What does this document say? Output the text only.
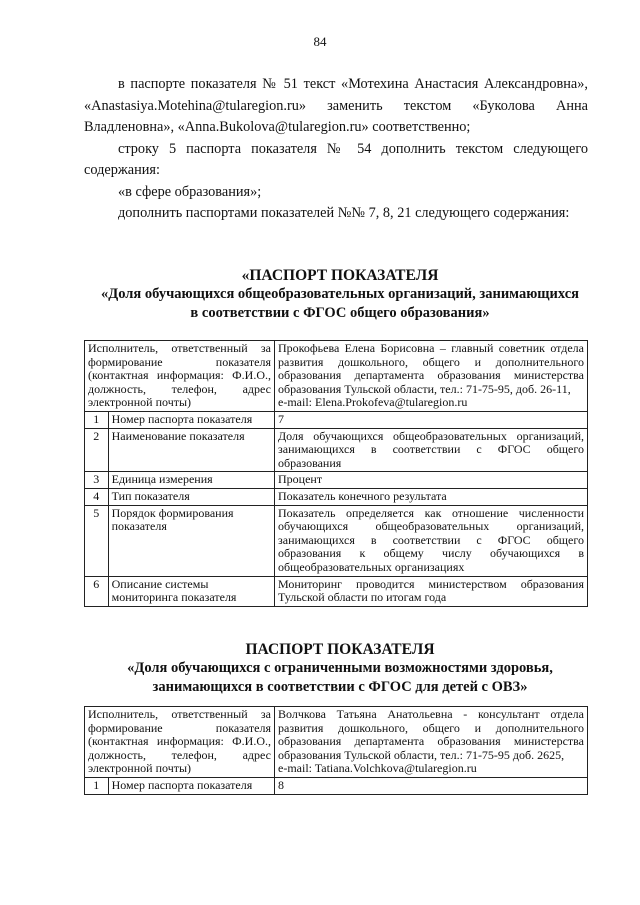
84

в паспорте показателя № 51 текст «Мотехина Анастасия Александровна», «Anastasiya.Motehina@tularegion.ru» заменить текстом «Буколова Анна Владленовна», «Anna.Bukolova@tularegion.ru» соответственно;

строку 5 паспорта показателя № 54 дополнить текстом следующего содержания:

«в сфере образования»;

дополнить паспортами показателей №№ 7, 8, 21 следующего содержания:

«ПАСПОРТ ПОКАЗАТЕЛЯ
«Доля обучающихся общеобразовательных организаций, занимающихся
в соответствии с ФГОС общего образования»
Исполнитель, ответственный за формирование показателя (контактная информация: Ф.И.О., должность, телефон, адрес электронной почты)		Прокофьева Елена Борисовна – главный советник отдела развития дошкольного, общего и дополнительного образования департамента образования министерства образования Тульской области, тел.: 71-75-95, доб. 26-11,
e-mail: Elena.Prokofeva@tularegion.ru

1	Номер паспорта показателя	7
2	Наименование показателя	Доля обучающихся общеобразовательных организаций, занимающихся в соответствии с ФГОС общего образования
3	Единица измерения	Процент
4	Тип показателя	Показатель конечного результата
5	Порядок формирования показателя	Показатель определяется как отношение численности обучающихся общеобразовательных организаций, занимающихся в соответствии с ФГОС общего образования к общему числу обучающихся в общеобразовательных организациях
6	Описание системы мониторинга показателя	Мониторинг проводится министерством образования Тульской области по итогам года
ПАСПОРТ ПОКАЗАТЕЛЯ
«Доля обучающихся с ограниченными возможностями здоровья,
занимающихся в соответствии с ФГОС для детей с ОВЗ»
Исполнитель, ответственный за формирование показателя (контактная информация: Ф.И.О., должность, телефон, адрес электронной почты)		Волчкова Татьяна Анатольевна - консультант отдела развития дошкольного, общего и дополнительного образования департамента образования министерства образования Тульской области, тел.: 71-75-95 доб. 2625,
e-mail: Tatiana.Volchkova@tularegion.ru

1	Номер паспорта показателя	8
